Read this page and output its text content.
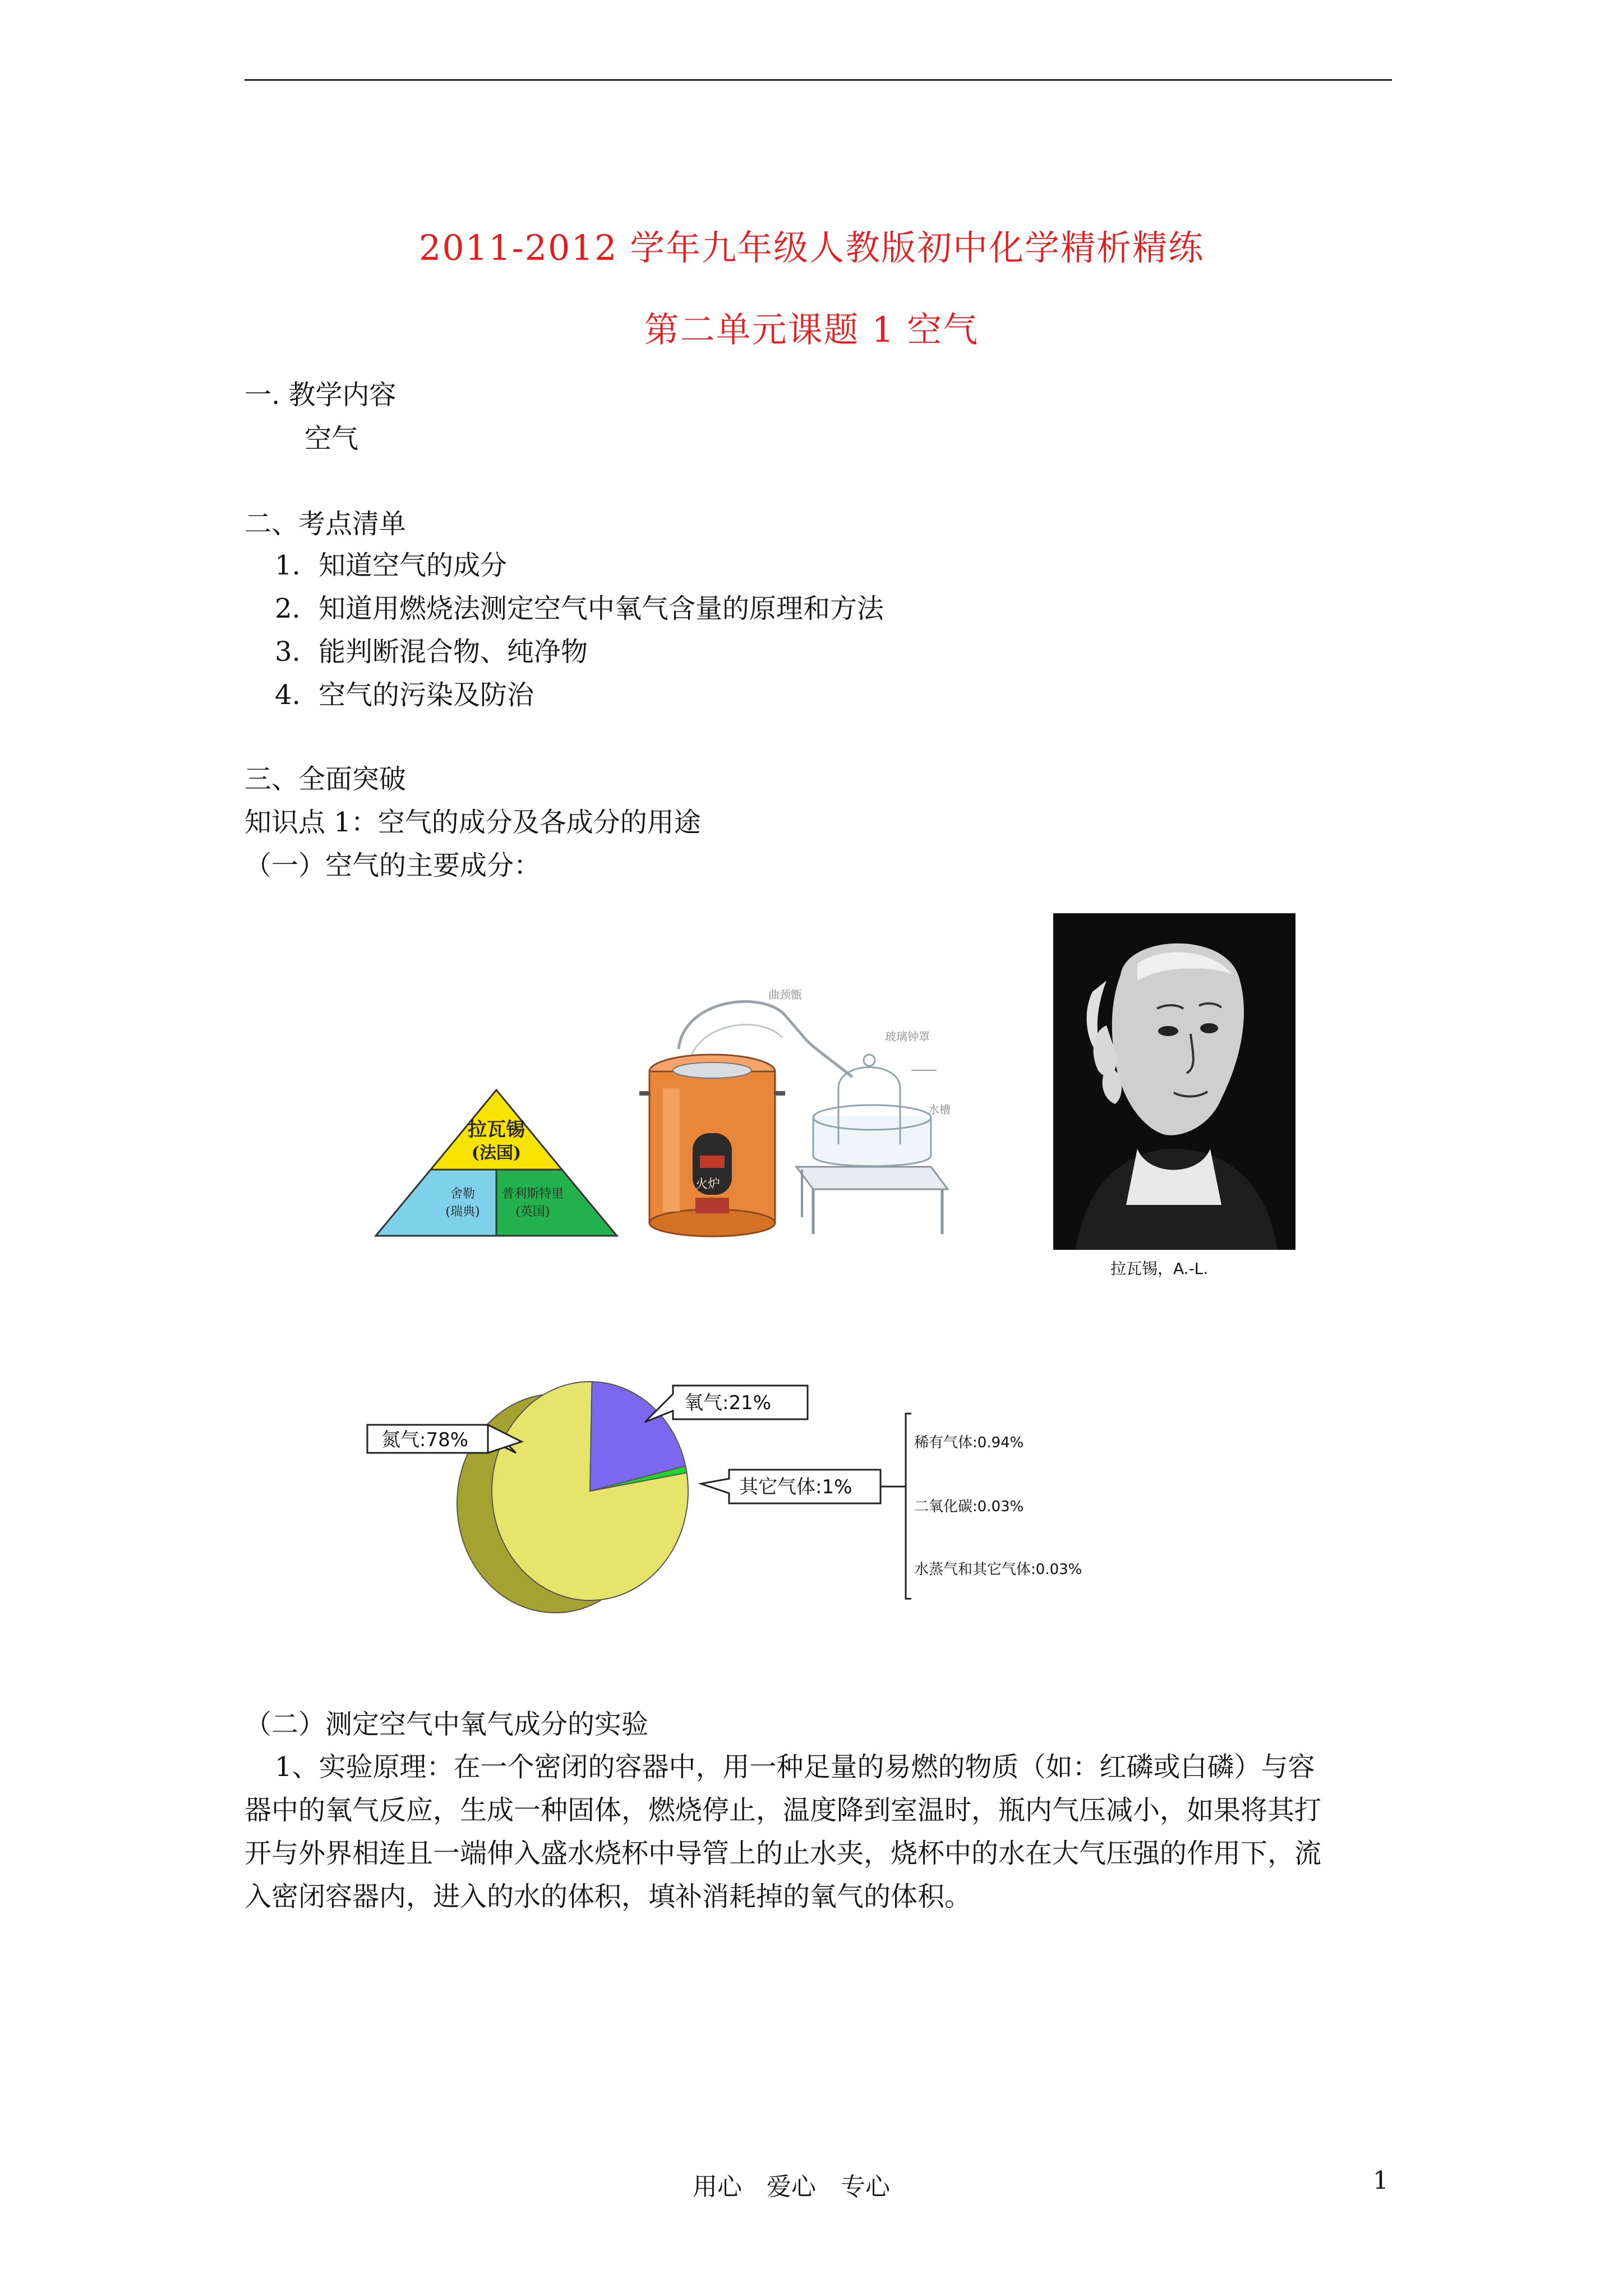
2011-2012 学年九年级人教版初中化学精析精练
第二单元课题 1 空气
一. 教学内容
空气
二、考点清单
1. 知道空气的成分
2. 知道用燃烧法测定空气中氧气含量的原理和方法
3. 能判断混合物、纯净物
4. 空气的污染及防治
三、全面突破
知识点 1：空气的成分及各成分的用途
（一）空气的主要成分：
拉瓦锡
(法国)
舍勒
(瑞典)
普利斯特里
(英国)
火炉
曲颈甑
玻璃钟罩
水槽
拉瓦锡，A.-L.
氮气:78%
氧气:21%
其它气体:1%
稀有气体:0.94%
二氧化碳:0.03%
水蒸气和其它气体:0.03%
（二）测定空气中氧气成分的实验
1、实验原理：在一个密闭的容器中，用一种足量的易燃的物质（如：红磷或白磷）与容
器中的氧气反应，生成一种固体，燃烧停止，温度降到室温时，瓶内气压减小，如果将其打
开与外界相连且一端伸入盛水烧杯中导管上的止水夹，烧杯中的水在大气压强的作用下，流
入密闭容器内，进入的水的体积，填补消耗掉的氧气的体积。
用心　爱心　专心	1
